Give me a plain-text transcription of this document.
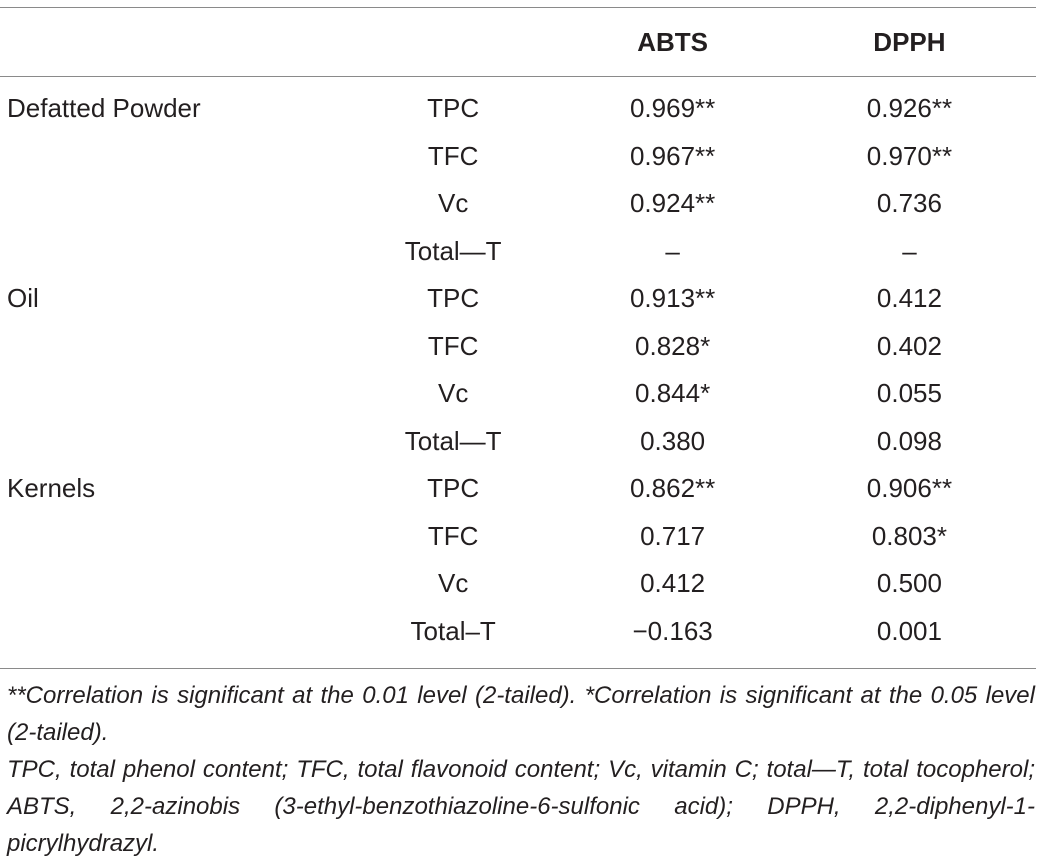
		ABTS	DPPH
Defatted Powder	TPC	0.969**	0.926**
	TFC	0.967**	0.970**
	Vc	0.924**	0.736
	Total—T	–	–
Oil	TPC	0.913**	0.412
	TFC	0.828*	0.402
	Vc	0.844*	0.055
	Total—T	0.380	0.098
Kernels	TPC	0.862**	0.906**
	TFC	0.717	0.803*
	Vc	0.412	0.500
	Total–T	−0.163	0.001

**Correlation is significant at the 0.01 level (2-tailed). *Correlation is significant at the 0.05 level (2-tailed).

TPC, total phenol content; TFC, total flavonoid content; Vc, vitamin C; total—T, total tocopherol; ABTS, 2,2-azinobis (3-ethyl-benzothiazoline-6-sulfonic acid); DPPH, 2,2-diphenyl-1-picrylhydrazyl.
